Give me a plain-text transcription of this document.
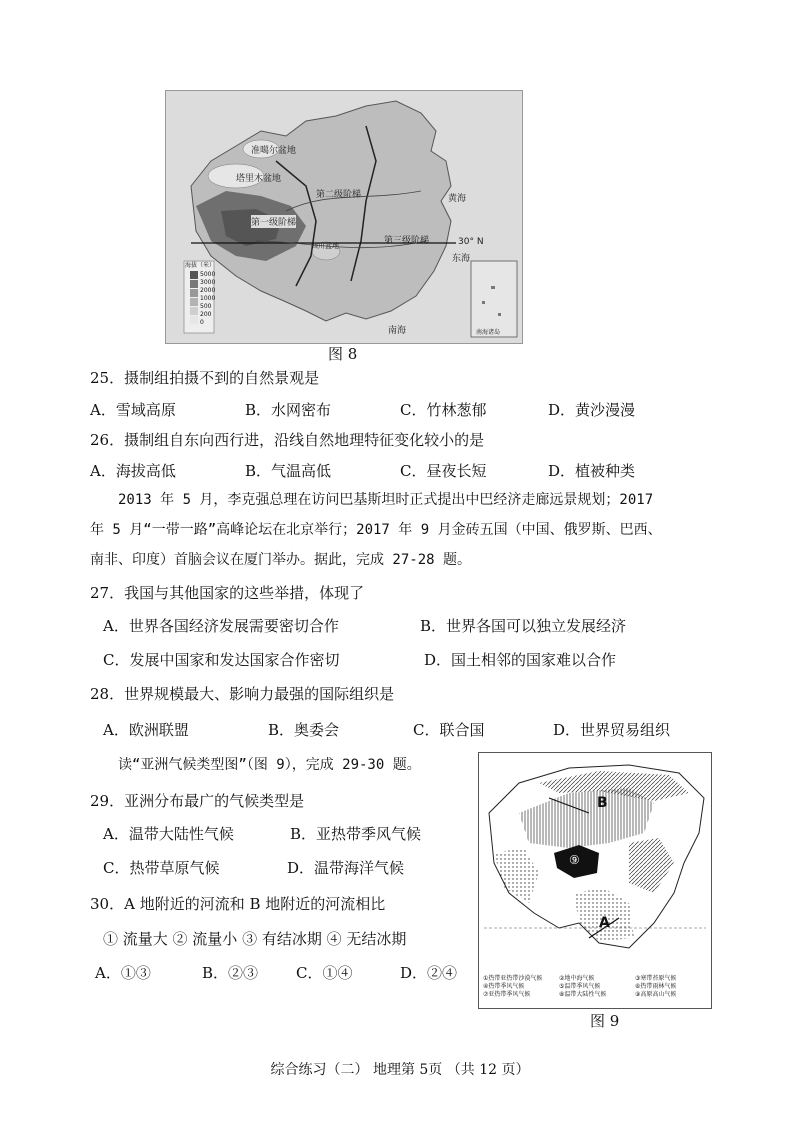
塔里木盆地
准噶尔盆地
第一级阶梯
第二级阶梯
第三级阶梯
四川盆地	30° N
黄海
东海
南海	南海诸岛
海拔（米）
5000
3000
2000
1000
500
200
0
图 8
25．摄制组拍摄不到的自然景观是
A．雪域高原	B．水网密布	C．竹林葱郁	D．黄沙漫漫
26．摄制组自东向西行进，沿线自然地理特征变化较小的是
A．海拔高低	B．气温高低	C．昼夜长短	D．植被种类
2013 年 5 月，李克强总理在访问巴基斯坦时正式提出中巴经济走廊远景规划；2017
年 5 月“一带一路”高峰论坛在北京举行；2017 年 9 月金砖五国（中国、俄罗斯、巴西、
南非、印度）首脑会议在厦门举办。据此，完成 27-28 题。
27．我国与其他国家的这些举措，体现了
A．世界各国经济发展需要密切合作	B．世界各国可以独立发展经济
C．发展中国家和发达国家合作密切	D．国土相邻的国家难以合作
28．世界规模最大、影响力最强的国际组织是
A．欧洲联盟	B．奥委会	C．联合国	D．世界贸易组织
读“亚洲气候类型图”（图 9），完成 29-30 题。
29．亚洲分布最广的气候类型是
A．温带大陆性气候	B．亚热带季风气候
C．热带草原气候	D．温带海洋气候
30．A 地附近的河流和 B 地附近的河流相比
① 流量大 ② 流量小 ③ 有结冰期 ④ 无结冰期
A．①③	B．②③	C．①④	D．②④
B
A
⑨
①热带亚热带沙漠气候	②地中海气候	③寒带苔原气候
④热带季风气候	⑤温带季风气候	⑥热带雨林气候
⑦亚热带季风气候	⑧温带大陆性气候	⑨高原高山气候
图 9
综合练习（二） 地理第 5页 （共 12 页）
